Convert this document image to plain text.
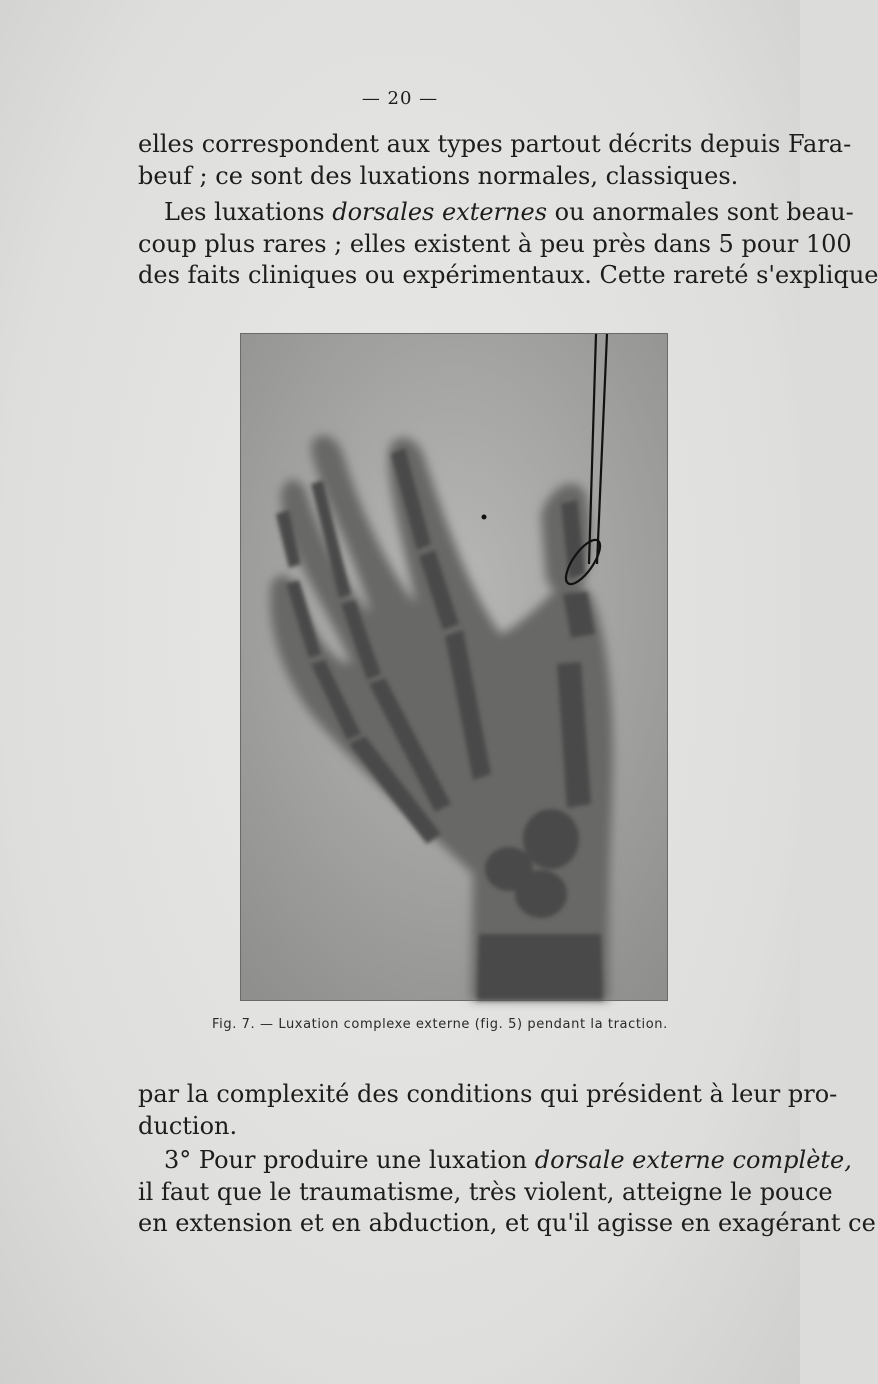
— 20 —

elles correspondent aux types partout décrits depuis Fara-
beuf ; ce sont des luxations normales, classiques.

Les luxations dorsales externes ou anormales sont beau-
coup plus rares ; elles existent à peu près dans 5 pour 100
des faits cliniques ou expérimentaux. Cette rareté s'explique

Fig. 7. — Luxation complexe externe (fig. 5) pendant la traction.

par la complexité des conditions qui président à leur pro-
duction.

3° Pour produire une luxation dorsale externe complète,
il faut que le traumatisme, très violent, atteigne le pouce
en extension et en abduction, et qu'il agisse en exagérant ce
